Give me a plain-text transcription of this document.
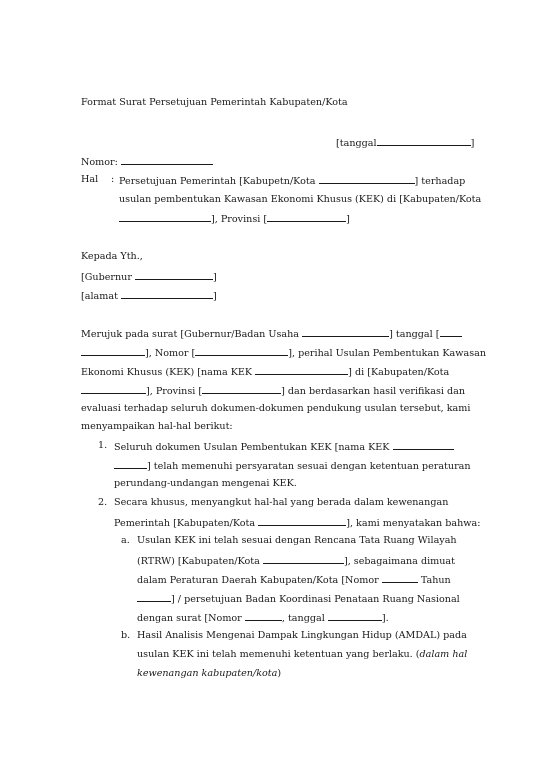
Format Surat Persetujuan Pemerintah Kabupaten/Kota
[tanggal	]
Nomor:
Hal : Persetujuan Pemerintah [Kabupetn/Kota	] terhadap
usulan pembentukan Kawasan Ekonomi Khusus (KEK) di [Kabupaten/Kota
], Provinsi [	]
Kepada Yth.,
[Gubernur	]
[alamat	]
Merujuk pada surat [Gubernur/Badan Usaha	] tanggal [
], Nomor [	], perihal Usulan Pembentukan Kawasan
Ekonomi Khusus (KEK) [nama KEK	] di [Kabupaten/Kota
], Provinsi [	] dan berdasarkan hasil verifikasi dan
evaluasi terhadap seluruh dokumen-dokumen pendukung usulan tersebut, kami
menyampaikan hal-hal berikut:
1. Seluruh dokumen Usulan Pembentukan KEK [nama KEK
] telah memenuhi persyaratan sesuai dengan ketentuan peraturan
perundang-undangan mengenai KEK.
2. Secara khusus, menyangkut hal-hal yang berada dalam kewenangan
Pemerintah [Kabupaten/Kota	], kami menyatakan bahwa:
a. Usulan KEK ini telah sesuai dengan Rencana Tata Ruang Wilayah
(RTRW) [Kabupaten/Kota	], sebagaimana dimuat
dalam Peraturan Daerah Kabupaten/Kota [Nomor	Tahun
] / persetujuan Badan Koordinasi Penataan Ruang Nasional
dengan surat [Nomor	, tanggal	].
b. Hasil Analisis Mengenai Dampak Lingkungan Hidup (AMDAL) pada
usulan KEK ini telah memenuhi ketentuan yang berlaku. (dalam hal
kewenangan kabupaten/kota)
